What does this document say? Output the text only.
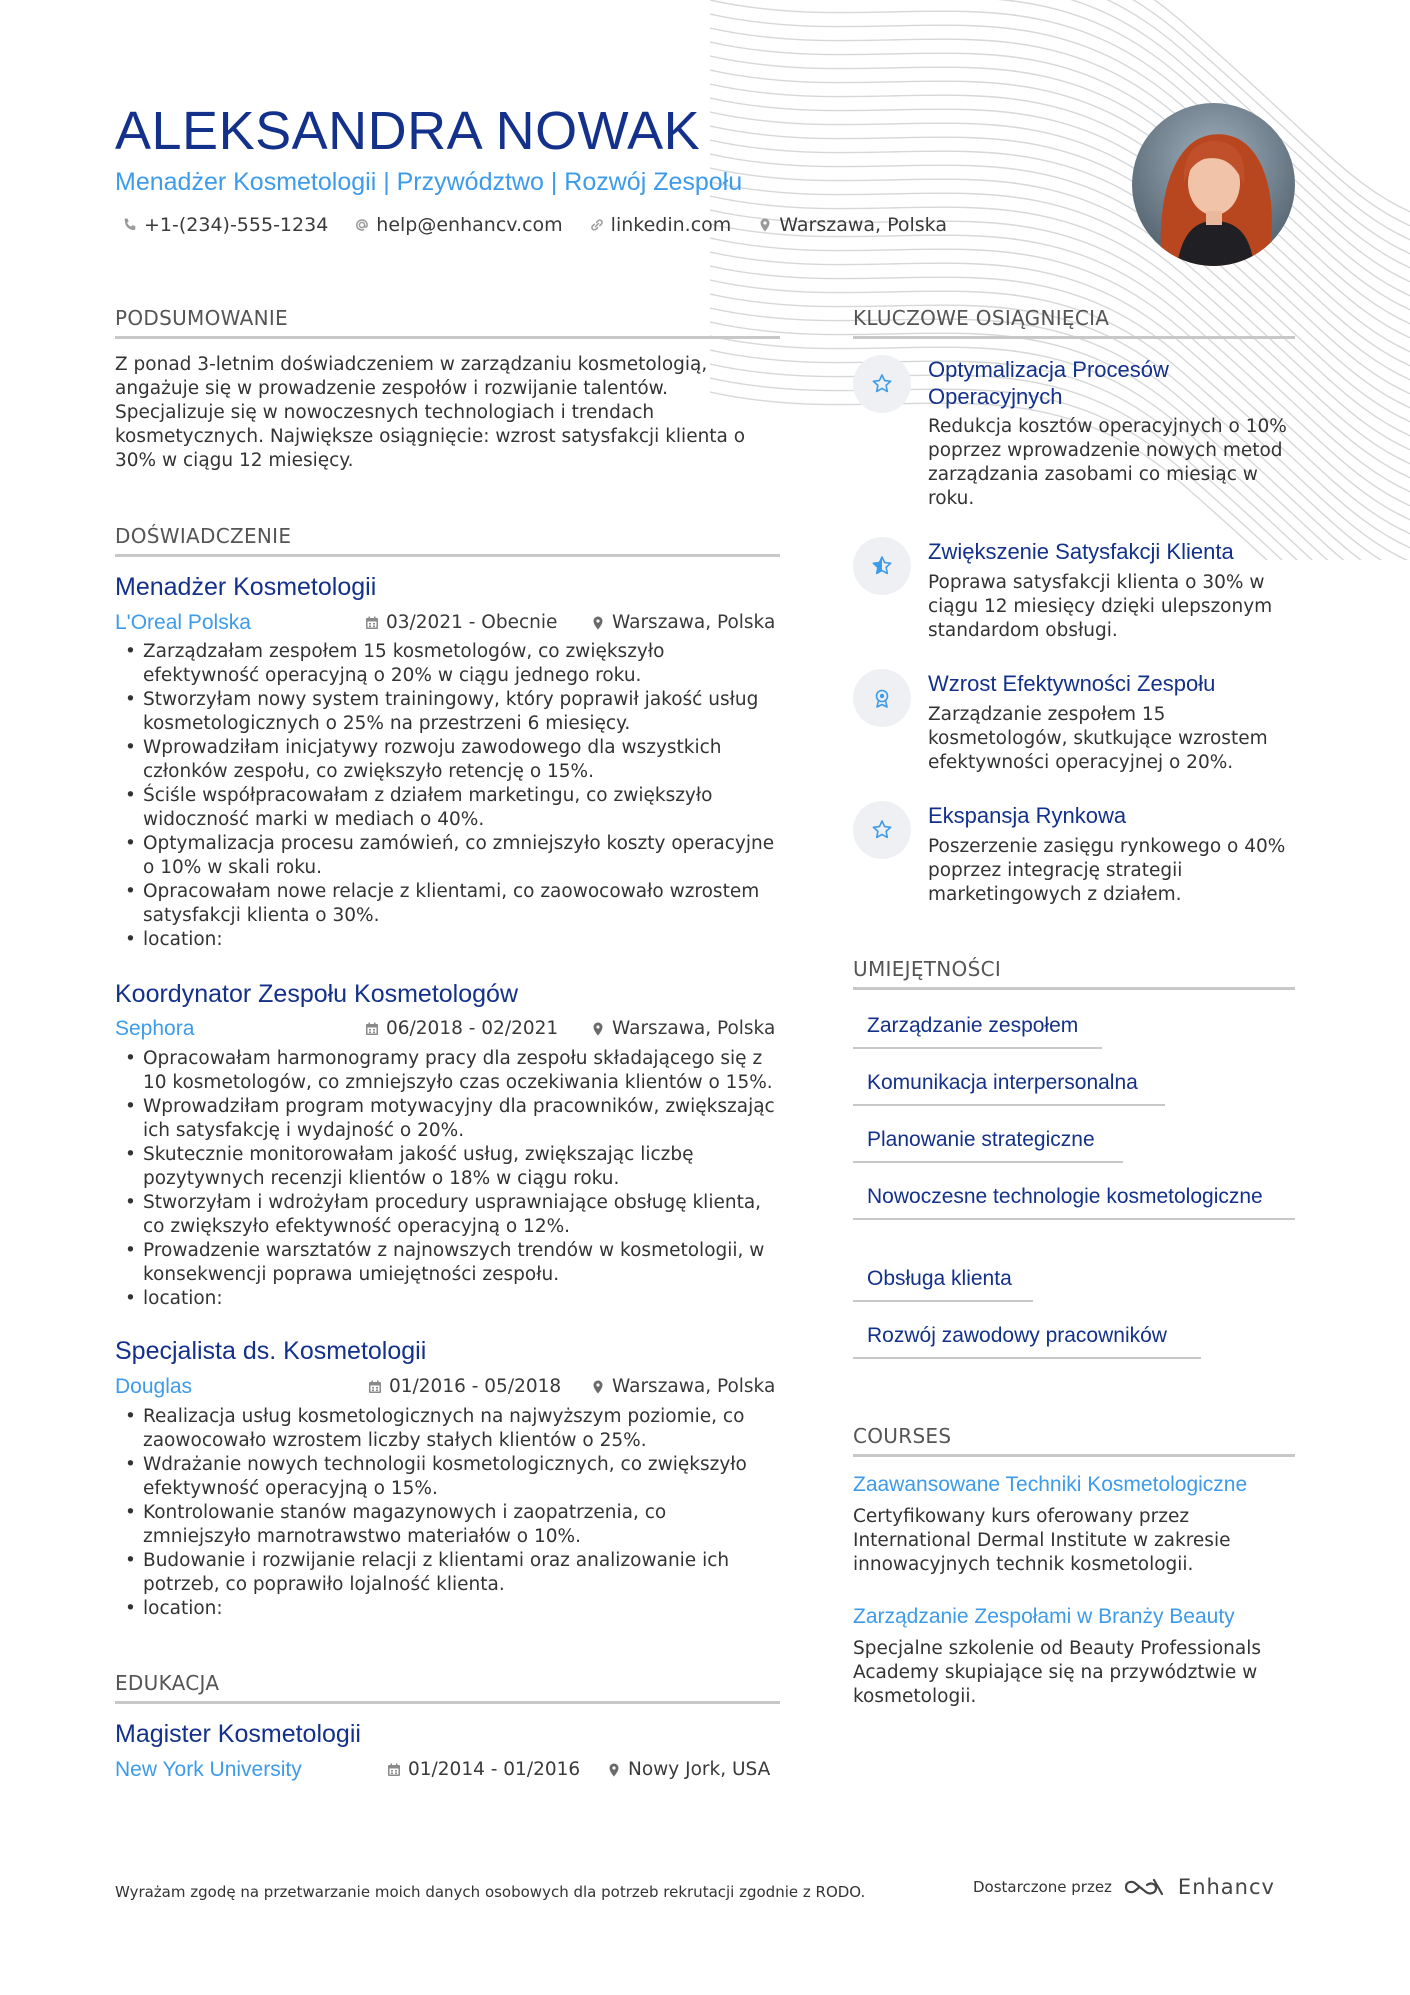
ALEKSANDRA NOWAK
Menadżer Kosmetologii | Przywództwo | Rozwój Zespołu
+1-(234)-555-1234	help@enhancv.com	linkedin.com	Warszawa, Polska
PODSUMOWANIE
Z ponad 3-letnim doświadczeniem w zarządzaniu kosmetologią, angażuje się w prowadzenie zespołów i rozwijanie talentów. Specjalizuje się w nowoczesnych technologiach i trendach kosmetycznych. Największe osiągnięcie: wzrost satysfakcji klienta o 30% w ciągu 12 miesięcy.
DOŚWIADCZENIE
Menadżer Kosmetologii
L'Oreal Polska	03/2021 - Obecnie	Warszawa, Polska
• Zarządzałam zespołem 15 kosmetologów, co zwiększyło efektywność operacyjną o 20% w ciągu jednego roku.
• Stworzyłam nowy system trainingowy, który poprawił jakość usług kosmetologicznych o 25% na przestrzeni 6 miesięcy.
• Wprowadziłam inicjatywy rozwoju zawodowego dla wszystkich członków zespołu, co zwiększyło retencję o 15%.
• Ściśle współpracowałam z działem marketingu, co zwiększyło widoczność marki w mediach o 40%.
• Optymalizacja procesu zamówień, co zmniejszyło koszty operacyjne o 10% w skali roku.
• Opracowałam nowe relacje z klientami, co zaowocowało wzrostem satysfakcji klienta o 30%.
• location:
Koordynator Zespołu Kosmetologów
Sephora	06/2018 - 02/2021	Warszawa, Polska
• Opracowałam harmonogramy pracy dla zespołu składającego się z 10 kosmetologów, co zmniejszyło czas oczekiwania klientów o 15%.
• Wprowadziłam program motywacyjny dla pracowników, zwiększając ich satysfakcję i wydajność o 20%.
• Skutecznie monitorowałam jakość usług, zwiększając liczbę pozytywnych recenzji klientów o 18% w ciągu roku.
• Stworzyłam i wdrożyłam procedury usprawniające obsługę klienta, co zwiększyło efektywność operacyjną o 12%.
• Prowadzenie warsztatów z najnowszych trendów w kosmetologii, w konsekwencji poprawa umiejętności zespołu.
• location:
Specjalista ds. Kosmetologii
Douglas	01/2016 - 05/2018	Warszawa, Polska
• Realizacja usług kosmetologicznych na najwyższym poziomie, co zaowocowało wzrostem liczby stałych klientów o 25%.
• Wdrażanie nowych technologii kosmetologicznych, co zwiększyło efektywność operacyjną o 15%.
• Kontrolowanie stanów magazynowych i zaopatrzenia, co zmniejszyło marnotrawstwo materiałów o 10%.
• Budowanie i rozwijanie relacji z klientami oraz analizowanie ich potrzeb, co poprawiło lojalność klienta.
• location:
EDUKACJA
Magister Kosmetologii
New York University	01/2014 - 01/2016	Nowy Jork, USA
KLUCZOWE OSIĄGNIĘCIA
Optymalizacja Procesów Operacyjnych
Redukcja kosztów operacyjnych o 10% poprzez wprowadzenie nowych metod zarządzania zasobami co miesiąc w roku.
Zwiększenie Satysfakcji Klienta
Poprawa satysfakcji klienta o 30% w ciągu 12 miesięcy dzięki ulepszonym standardom obsługi.
Wzrost Efektywności Zespołu
Zarządzanie zespołem 15 kosmetologów, skutkujące wzrostem efektywności operacyjnej o 20%.
Ekspansja Rynkowa
Poszerzenie zasięgu rynkowego o 40% poprzez integrację strategii marketingowych z działem.
UMIEJĘTNOŚCI
Zarządzanie zespołem
Komunikacja interpersonalna
Planowanie strategiczne
Nowoczesne technologie kosmetologiczne
Obsługa klienta
Rozwój zawodowy pracowników
COURSES
Zaawansowane Techniki Kosmetologiczne
Certyfikowany kurs oferowany przez International Dermal Institute w zakresie innowacyjnych technik kosmetologii.
Zarządzanie Zespołami w Branży Beauty
Specjalne szkolenie od Beauty Professionals Academy skupiające się na przywództwie w kosmetologii.
Wyrażam zgodę na przetwarzanie moich danych osobowych dla potrzeb rekrutacji zgodnie z RODO.	Dostarczone przez	Enhancv
